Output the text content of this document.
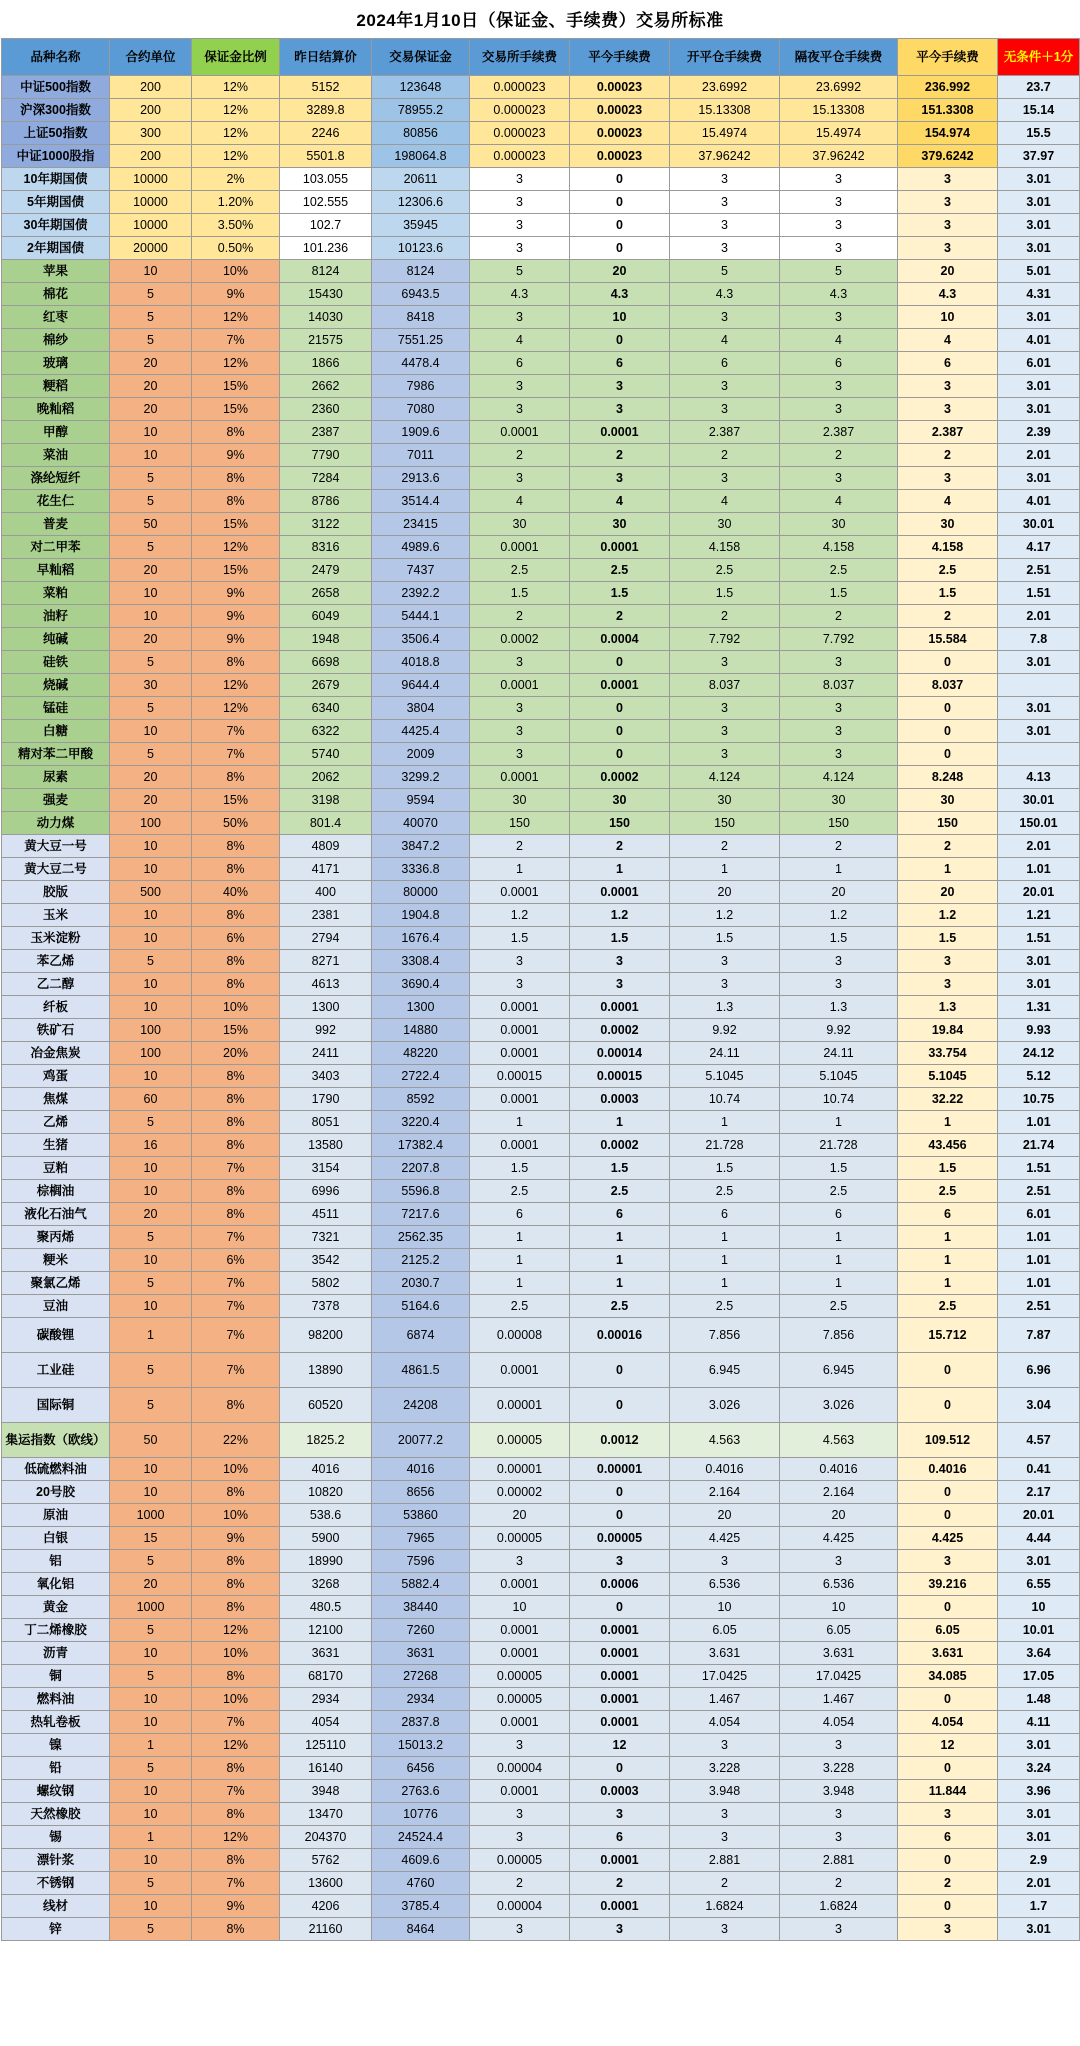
2024年1月10日（保证金、手续费）交易所标准
品种名称	合约单位	保证金比例	昨日结算价	交易保证金	交易所手续费	平今手续费	开平仓手续费	隔夜平仓手续费	平今手续费	无条件＋1分
中证500指数	200	12%	5152	123648	0.000023	0.00023	23.6992	23.6992	236.992	23.7
沪深300指数	200	12%	3289.8	78955.2	0.000023	0.00023	15.13308	15.13308	151.3308	15.14
上证50指数	300	12%	2246	80856	0.000023	0.00023	15.4974	15.4974	154.974	15.5
中证1000股指	200	12%	5501.8	198064.8	0.000023	0.00023	37.96242	37.96242	379.6242	37.97
10年期国债	10000	2%	103.055	20611	3	0	3	3	3	3.01
5年期国债	10000	1.20%	102.555	12306.6	3	0	3	3	3	3.01
30年期国债	10000	3.50%	102.7	35945	3	0	3	3	3	3.01
2年期国债	20000	0.50%	101.236	10123.6	3	0	3	3	3	3.01
苹果	10	10%	8124	8124	5	20	5	5	20	5.01
棉花	5	9%	15430	6943.5	4.3	4.3	4.3	4.3	4.3	4.31
红枣	5	12%	14030	8418	3	10	3	3	10	3.01
棉纱	5	7%	21575	7551.25	4	0	4	4	4	4.01
玻璃	20	12%	1866	4478.4	6	6	6	6	6	6.01
粳稻	20	15%	2662	7986	3	3	3	3	3	3.01
晚籼稻	20	15%	2360	7080	3	3	3	3	3	3.01
甲醇	10	8%	2387	1909.6	0.0001	0.0001	2.387	2.387	2.387	2.39
菜油	10	9%	7790	7011	2	2	2	2	2	2.01
涤纶短纤	5	8%	7284	2913.6	3	3	3	3	3	3.01
花生仁	5	8%	8786	3514.4	4	4	4	4	4	4.01
普麦	50	15%	3122	23415	30	30	30	30	30	30.01
对二甲苯	5	12%	8316	4989.6	0.0001	0.0001	4.158	4.158	4.158	4.17
早籼稻	20	15%	2479	7437	2.5	2.5	2.5	2.5	2.5	2.51
菜粕	10	9%	2658	2392.2	1.5	1.5	1.5	1.5	1.5	1.51
油籽	10	9%	6049	5444.1	2	2	2	2	2	2.01
纯碱	20	9%	1948	3506.4	0.0002	0.0004	7.792	7.792	15.584	7.8
硅铁	5	8%	6698	4018.8	3	0	3	3	0	3.01
烧碱	30	12%	2679	9644.4	0.0001	0.0001	8.037	8.037	8.037	
锰硅	5	12%	6340	3804	3	0	3	3	0	3.01
白糖	10	7%	6322	4425.4	3	0	3	3	0	3.01
精对苯二甲酸	5	7%	5740	2009	3	0	3	3	0	
尿素	20	8%	2062	3299.2	0.0001	0.0002	4.124	4.124	8.248	4.13
强麦	20	15%	3198	9594	30	30	30	30	30	30.01
动力煤	100	50%	801.4	40070	150	150	150	150	150	150.01
黄大豆一号	10	8%	4809	3847.2	2	2	2	2	2	2.01
黄大豆二号	10	8%	4171	3336.8	1	1	1	1	1	1.01
胶版	500	40%	400	80000	0.0001	0.0001	20	20	20	20.01
玉米	10	8%	2381	1904.8	1.2	1.2	1.2	1.2	1.2	1.21
玉米淀粉	10	6%	2794	1676.4	1.5	1.5	1.5	1.5	1.5	1.51
苯乙烯	5	8%	8271	3308.4	3	3	3	3	3	3.01
乙二醇	10	8%	4613	3690.4	3	3	3	3	3	3.01
纤板	10	10%	1300	1300	0.0001	0.0001	1.3	1.3	1.3	1.31
铁矿石	100	15%	992	14880	0.0001	0.0002	9.92	9.92	19.84	9.93
冶金焦炭	100	20%	2411	48220	0.0001	0.00014	24.11	24.11	33.754	24.12
鸡蛋	10	8%	3403	2722.4	0.00015	0.00015	5.1045	5.1045	5.1045	5.12
焦煤	60	8%	1790	8592	0.0001	0.0003	10.74	10.74	32.22	10.75
乙烯	5	8%	8051	3220.4	1	1	1	1	1	1.01
生猪	16	8%	13580	17382.4	0.0001	0.0002	21.728	21.728	43.456	21.74
豆粕	10	7%	3154	2207.8	1.5	1.5	1.5	1.5	1.5	1.51
棕榈油	10	8%	6996	5596.8	2.5	2.5	2.5	2.5	2.5	2.51
液化石油气	20	8%	4511	7217.6	6	6	6	6	6	6.01
聚丙烯	5	7%	7321	2562.35	1	1	1	1	1	1.01
粳米	10	6%	3542	2125.2	1	1	1	1	1	1.01
聚氯乙烯	5	7%	5802	2030.7	1	1	1	1	1	1.01
豆油	10	7%	7378	5164.6	2.5	2.5	2.5	2.5	2.5	2.51
碳酸锂	1	7%	98200	6874	0.00008	0.00016	7.856	7.856	15.712	7.87
工业硅	5	7%	13890	4861.5	0.0001	0	6.945	6.945	0	6.96
国际铜	5	8%	60520	24208	0.00001	0	3.026	3.026	0	3.04
集运指数（欧线）	50	22%	1825.2	20077.2	0.00005	0.0012	4.563	4.563	109.512	4.57
低硫燃料油	10	10%	4016	4016	0.00001	0.00001	0.4016	0.4016	0.4016	0.41
20号胶	10	8%	10820	8656	0.00002	0	2.164	2.164	0	2.17
原油	1000	10%	538.6	53860	20	0	20	20	0	20.01
白银	15	9%	5900	7965	0.00005	0.00005	4.425	4.425	4.425	4.44
铝	5	8%	18990	7596	3	3	3	3	3	3.01
氧化铝	20	8%	3268	5882.4	0.0001	0.0006	6.536	6.536	39.216	6.55
黄金	1000	8%	480.5	38440	10	0	10	10	0	10
丁二烯橡胶	5	12%	12100	7260	0.0001	0.0001	6.05	6.05	6.05	10.01
沥青	10	10%	3631	3631	0.0001	0.0001	3.631	3.631	3.631	3.64
铜	5	8%	68170	27268	0.00005	0.0001	17.0425	17.0425	34.085	17.05
燃料油	10	10%	2934	2934	0.00005	0.0001	1.467	1.467	0	1.48
热轧卷板	10	7%	4054	2837.8	0.0001	0.0001	4.054	4.054	4.054	4.11
镍	1	12%	125110	15013.2	3	12	3	3	12	3.01
铅	5	8%	16140	6456	0.00004	0	3.228	3.228	0	3.24
螺纹钢	10	7%	3948	2763.6	0.0001	0.0003	3.948	3.948	11.844	3.96
天然橡胶	10	8%	13470	10776	3	3	3	3	3	3.01
锡	1	12%	204370	24524.4	3	6	3	3	6	3.01
漂针浆	10	8%	5762	4609.6	0.00005	0.0001	2.881	2.881	0	2.9
不锈钢	5	7%	13600	4760	2	2	2	2	2	2.01
线材	10	9%	4206	3785.4	0.00004	0.0001	1.6824	1.6824	0	1.7
锌	5	8%	21160	8464	3	3	3	3	3	3.01
